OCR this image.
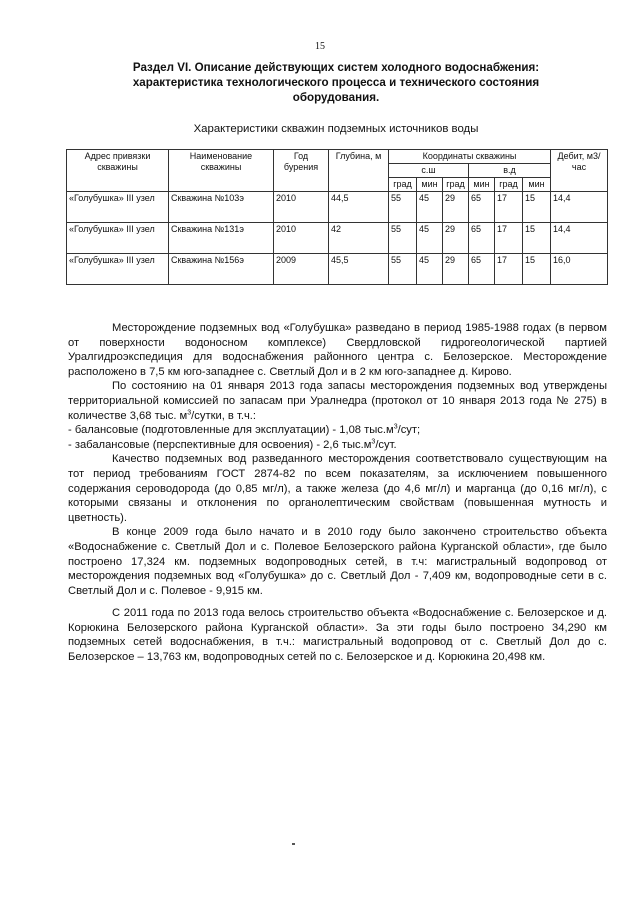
15
Раздел VI. Описание действующих систем холодного водоснабжения:
характеристика технологического процесса и технического состояния
оборудования.
Характеристики скважин подземных источников воды
Адрес привязки скважины	Наименование скважины	Год бурения	Глубина, м	Координаты скважины						Дебит, м3/час
				с.ш			в.д			
				град	мин	град	мин	град	мин	
«Голубушка» III узел	Скважина №103э	2010	44,5	55	45	29	65	17	15	14,4
«Голубушка» III узел	Скважина №131э	2010	42	55	45	29	65	17	15	14,4
«Голубушка» III узел	Скважина №156э	2009	45,5	55	45	29	65	17	15	16,0

Месторождение подземных вод «Голубушка» разведано в период 1985-1988 годах (в первом от поверхности водоносном комплексе) Свердловской гидрогеологической партией Уралгидроэкспедиция для водоснабжения районного центра с. Белозерское. Месторождение расположено в 7,5 км юго-западнее с. Светлый Дол и в 2 км юго-западнее д. Кирово.

По состоянию на 01 января 2013 года запасы месторождения подземных вод утверждены территориальной комиссией по запасам при Уралнедра (протокол от 10 января 2013 года № 275) в количестве 3,68 тыс. $м^3$/сутки, в т.ч.:

- балансовые (подготовленные для эксплуатации) - 1,08 $тыс.м^3$/сут;

- забалансовые (перспективные для освоения) - 2,6 $тыс.м^3$/сут.

Качество подземных вод разведанного месторождения соответствовало существующим на тот период требованиям ГОСТ 2874-82 по всем показателям, за исключением повышенного содержания сероводорода (до 0,85 мг/л), а также железа (до 4,6 мг/л) и марганца (до 0,16 мг/л), с которыми связаны и отклонения по органолептическим свойствам (повышенная мутность и цветность).

В конце 2009 года было начато и в 2010 году было закончено строительство объекта «Водоснабжение с. Светлый Дол и с. Полевое Белозерского района Курганской области», где было построено 17,324 км. подземных водопроводных сетей, в т.ч: магистральный водопровод от месторождения подземных вод «Голубушка» до с. Светлый Дол - 7,409 км, водопроводные сети в с. Светлый Дол и с. Полевое - 9,915 км.

С 2011 года по 2013 года велось строительство объекта «Водоснабжение с. Белозерское и д. Корюкина Белозерского района Курганской области». За эти годы было построено 34,290 км подземных сетей водоснабжения, в т.ч.: магистральный водопровод от с. Светлый Дол до с. Белозерское – 13,763 км, водопроводных сетей по с. Белозерское и д. Корюкина 20,498 км.
